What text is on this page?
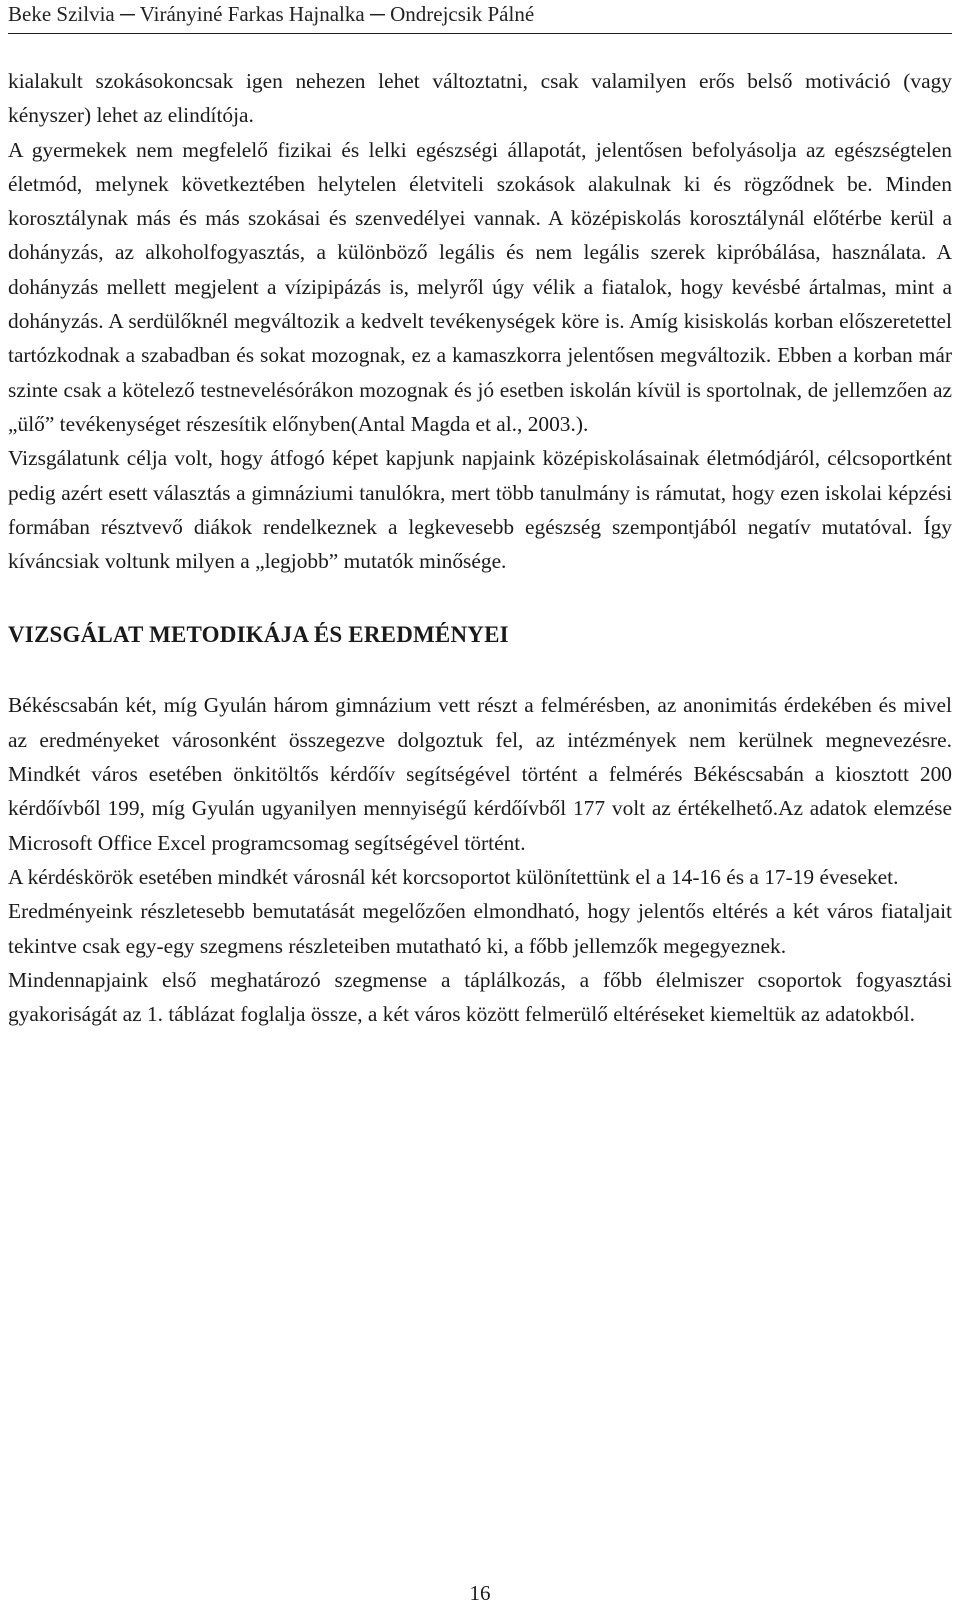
Beke Szilvia ─ Virányiné Farkas Hajnalka ─ Ondrejcsik Pálné

kialakult szokásokoncsak igen nehezen lehet változtatni, csak valamilyen erős belső motiváció (vagy kényszer) lehet az elindítója.

A gyermekek nem megfelelő fizikai és lelki egészségi állapotát, jelentősen befolyásolja az egészségtelen életmód, melynek következtében helytelen életviteli szokások alakulnak ki és rögződnek be. Minden korosztálynak más és más szokásai és szenvedélyei vannak. A középiskolás korosztálynál előtérbe kerül a dohányzás, az alkoholfogyasztás, a különböző legális és nem legális szerek kipróbálása, használata. A dohányzás mellett megjelent a vízipipázás is, melyről úgy vélik a fiatalok, hogy kevésbé ártalmas, mint a dohányzás. A serdülőknél megváltozik a kedvelt tevékenységek köre is. Amíg kisiskolás korban előszeretettel tartózkodnak a szabadban és sokat mozognak, ez a kamaszkorra jelentősen megváltozik. Ebben a korban már szinte csak a kötelező testnevelésórákon mozognak és jó esetben iskolán kívül is sportolnak, de jellemzően az „ülő” tevékenységet részesítik előnyben(Antal Magda et al., 2003.).

Vizsgálatunk célja volt, hogy átfogó képet kapjunk napjaink középiskolásainak életmódjáról, célcsoportként pedig azért esett választás a gimnáziumi tanulókra, mert több tanulmány is rámutat, hogy ezen iskolai képzési formában résztvevő diákok rendelkeznek a legkevesebb egészség szempontjából negatív mutatóval. Így kíváncsiak voltunk milyen a „legjobb” mutatók minősége.

VIZSGÁLAT METODIKÁJA ÉS EREDMÉNYEI

Békéscsabán két, míg Gyulán három gimnázium vett részt a felmérésben, az anonimitás érdekében és mivel az eredményeket városonként összegezve dolgoztuk fel, az intézmények nem kerülnek megnevezésre. Mindkét város esetében önkitöltős kérdőív segítségével történt a felmérés Békéscsabán a kiosztott 200 kérdőívből 199, míg Gyulán ugyanilyen mennyiségű kérdőívből 177 volt az értékelhető.Az adatok elemzése Microsoft Office Excel programcsomag segítségével történt.

A kérdéskörök esetében mindkét városnál két korcsoportot különítettünk el a 14-16 és a 17-19 éveseket.

Eredményeink részletesebb bemutatását megelőzően elmondható, hogy jelentős eltérés a két város fiataljait tekintve csak egy-egy szegmens részleteiben mutatható ki, a főbb jellemzők megegyeznek.

Mindennapjaink első meghatározó szegmense a táplálkozás, a főbb élelmiszer csoportok fogyasztási gyakoriságát az 1. táblázat foglalja össze, a két város között felmerülő eltéréseket kiemeltük az adatokból.

16
